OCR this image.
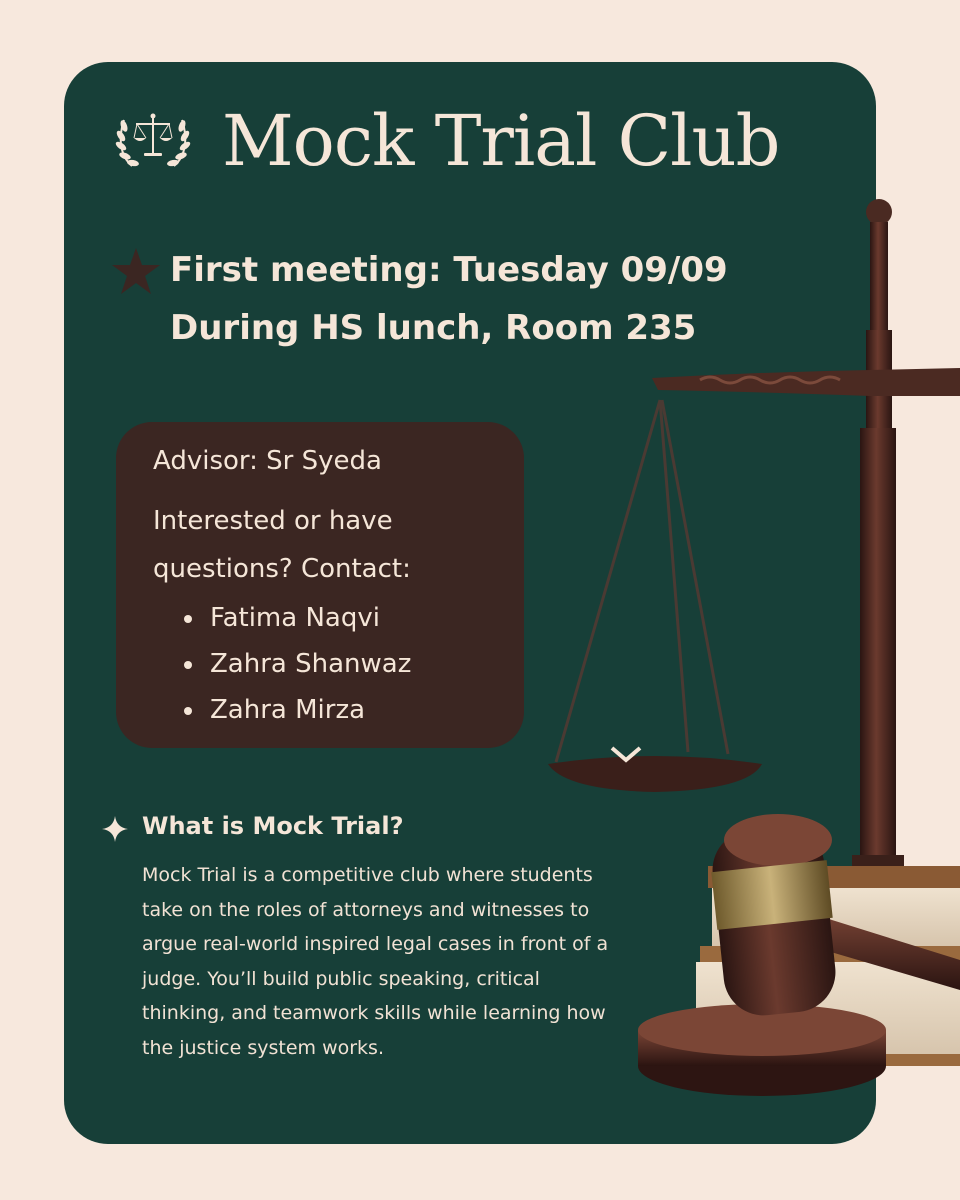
Mock Trial Club
First meeting: Tuesday 09/09
During HS lunch, Room 235
Advisor: Sr Syeda
Interested or have
questions? Contact:
Fatima Naqvi
Zahra Shanwaz
Zahra Mirza
What is Mock Trial?

Mock Trial is a competitive club where students take on the roles of attorneys and witnesses to argue real-world inspired legal cases in front of a judge. You’ll build public speaking, critical thinking, and teamwork skills while learning how the justice system works.
